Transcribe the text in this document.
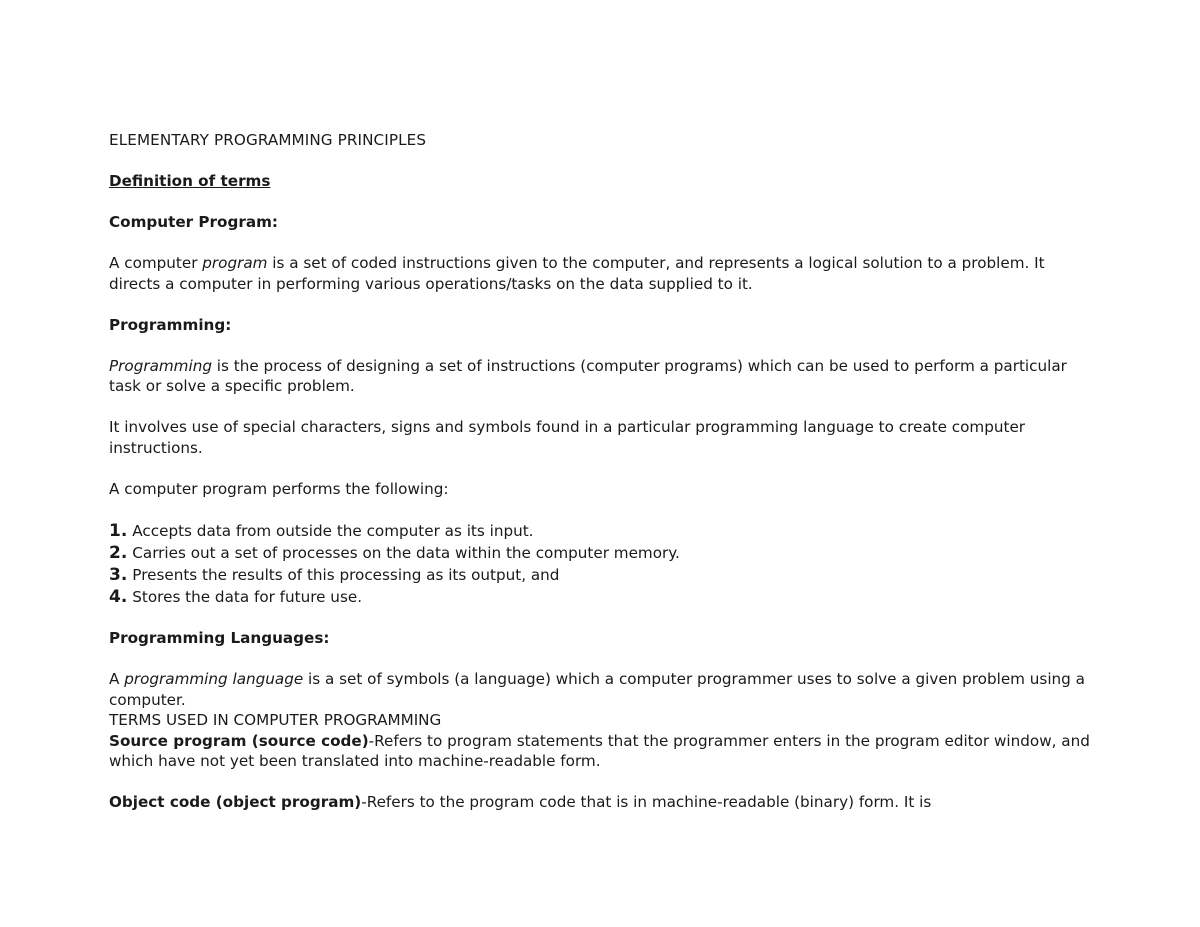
ELEMENTARY PROGRAMMING PRINCIPLES

Definition of terms

Computer Program:

A computer program is a set of coded instructions given to the computer, and represents a logical solution to a problem. It directs a computer in performing various operations/tasks on the data supplied to it.

Programming:

Programming is the process of designing a set of instructions (computer programs) which can be used to perform a particular task or solve a specific problem.

It involves use of special characters, signs and symbols found in a particular programming language to create computer instructions.

A computer program performs the following:

1. Accepts data from outside the computer as its input.
2. Carries out a set of processes on the data within the computer memory.
3. Presents the results of this processing as its output, and
4. Stores the data for future use.

Programming Languages:

A programming language is a set of symbols (a language) which a computer programmer uses to solve a given problem using a computer.

TERMS USED IN COMPUTER PROGRAMMING

Source program (source code)-Refers to program statements that the programmer enters in the program editor window, and which have not yet been translated into machine-readable form.

Object code (object program)-Refers to the program code that is in machine-readable (binary) form. It is
